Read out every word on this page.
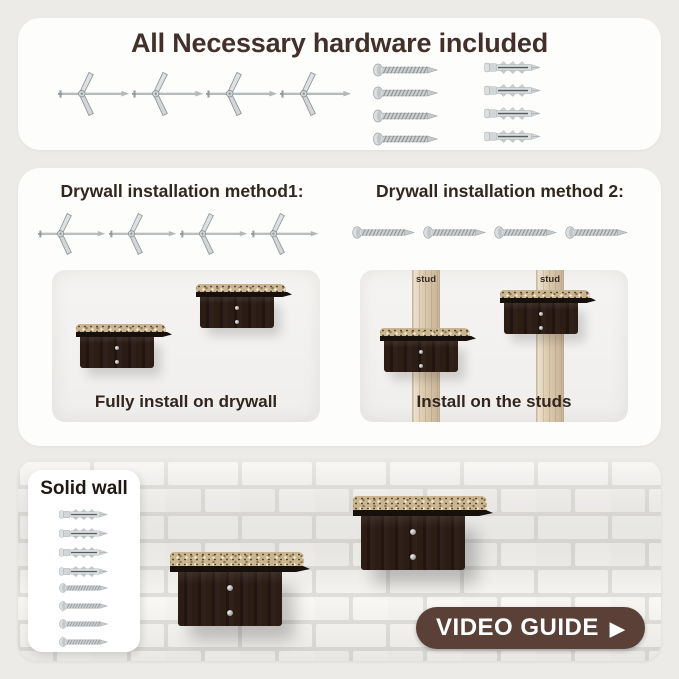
All Necessary hardware included
Drywall installation method1:	Drywall installation method 2:
Fully install on drywall
stud	stud
Install on the studs
Solid wall
VIDEO GUIDE ▶
